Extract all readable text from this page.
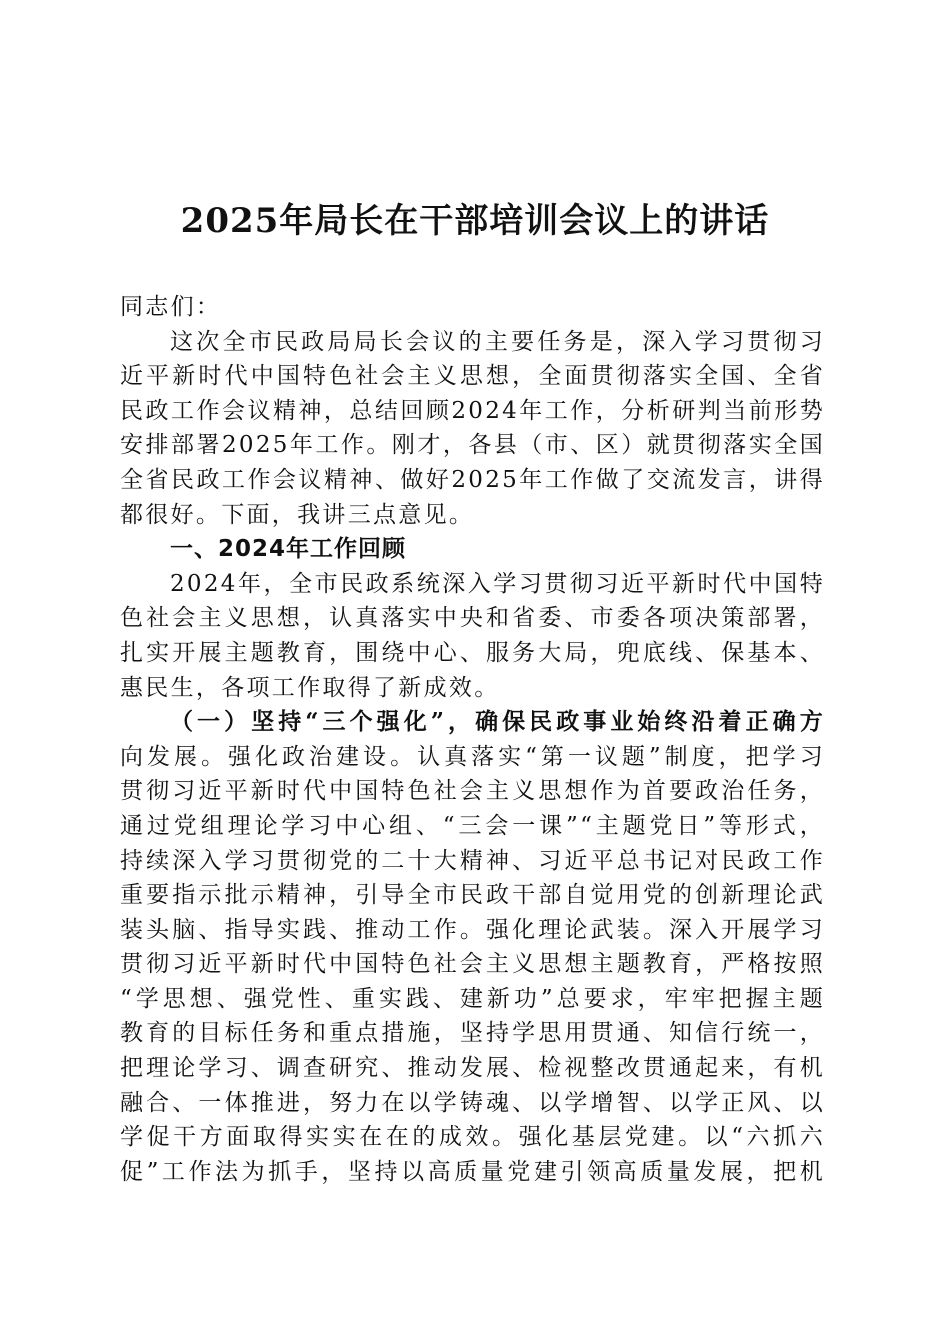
2025年局长在干部培训会议上的讲话
同志们：
这次全市民政局局长会议的主要任务是，深入学习贯彻习
近平新时代中国特色社会主义思想，全面贯彻落实全国、全省
民政工作会议精神，总结回顾2024年工作，分析研判当前形势
安排部署2025年工作。刚才，各县（市、区）就贯彻落实全国
全省民政工作会议精神、做好2025年工作做了交流发言，讲得
都很好。下面，我讲三点意见。
一、2024年工作回顾
2024年，全市民政系统深入学习贯彻习近平新时代中国特
色社会主义思想，认真落实中央和省委、市委各项决策部署，
扎实开展主题教育，围绕中心、服务大局，兜底线、保基本、
惠民生，各项工作取得了新成效。
（一）坚持“三个强化”，确保民政事业始终沿着正确方
向发展。强化政治建设。认真落实“第一议题”制度，把学习
贯彻习近平新时代中国特色社会主义思想作为首要政治任务，
通过党组理论学习中心组、“三会一课”“主题党日”等形式，
持续深入学习贯彻党的二十大精神、习近平总书记对民政工作
重要指示批示精神，引导全市民政干部自觉用党的创新理论武
装头脑、指导实践、推动工作。强化理论武装。深入开展学习
贯彻习近平新时代中国特色社会主义思想主题教育，严格按照
“学思想、强党性、重实践、建新功”总要求，牢牢把握主题
教育的目标任务和重点措施，坚持学思用贯通、知信行统一，
把理论学习、调查研究、推动发展、检视整改贯通起来，有机
融合、一体推进，努力在以学铸魂、以学增智、以学正风、以
学促干方面取得实实在在的成效。强化基层党建。以“六抓六
促”工作法为抓手，坚持以高质量党建引领高质量发展，把机
